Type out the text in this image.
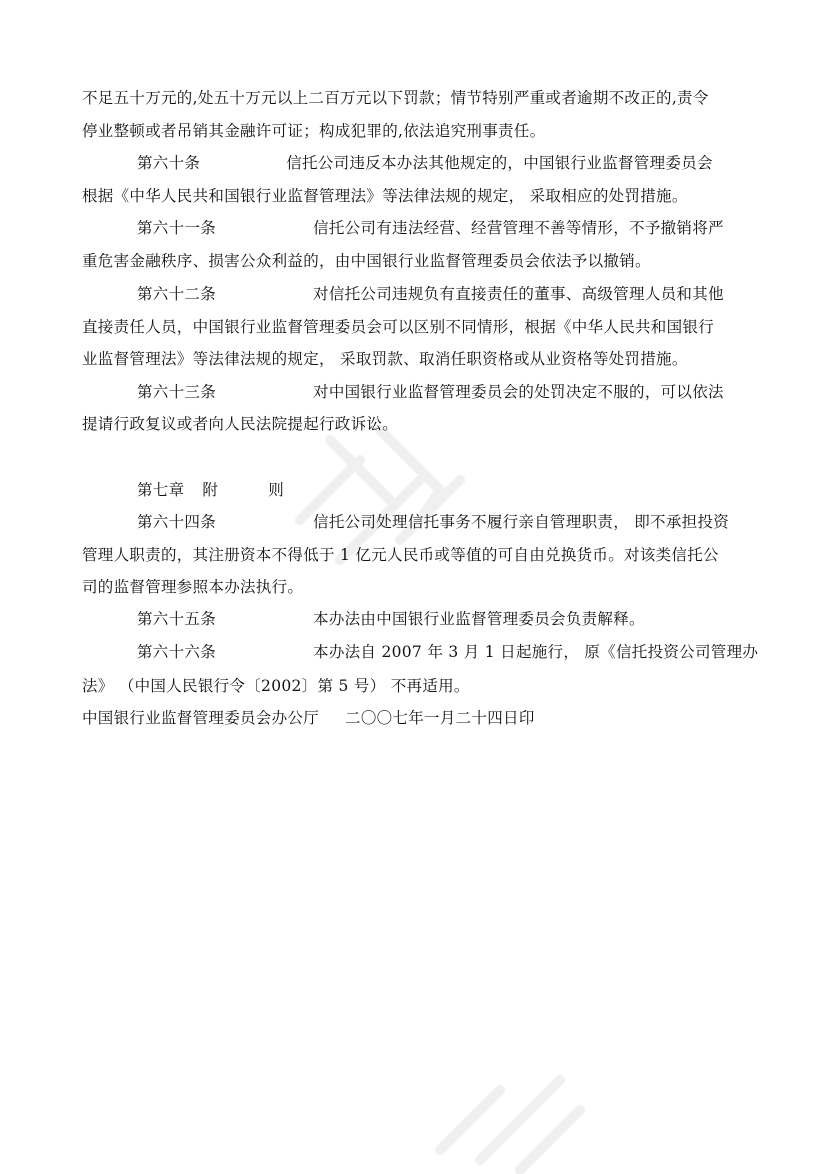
不足五十万元的,处五十万元以上二百万元以下罚款；情节特别严重或者逾期不改正的,责令
停业整顿或者吊销其金融许可证；构成犯罪的,依法追究刑事责任。
第六十条	信托公司违反本办法其他规定的，中国银行业监督管理委员会
根据《中华人民共和国银行业监督管理法》等法律法规的规定， 采取相应的处罚措施。
第六十一条	信托公司有违法经营、经营管理不善等情形，不予撤销将严
重危害金融秩序、损害公众利益的，由中国银行业监督管理委员会依法予以撤销。
第六十二条	对信托公司违规负有直接责任的董事、高级管理人员和其他
直接责任人员，中国银行业监督管理委员会可以区别不同情形，根据《中华人民共和国银行
业监督管理法》等法律法规的规定， 采取罚款、取消任职资格或从业资格等处罚措施。
第六十三条	对中国银行业监督管理委员会的处罚决定不服的，可以依法
提请行政复议或者向人民法院提起行政诉讼。
第七章 附	则
第六十四条	信托公司处理信托事务不履行亲自管理职责， 即不承担投资
管理人职责的，其注册资本不得低于 1 亿元人民币或等值的可自由兑换货币。对该类信托公
司的监督管理参照本办法执行。
第六十五条	本办法由中国银行业监督管理委员会负责解释。
第六十六条	本办法自 2007 年 3 月 1 日起施行， 原《信托投资公司管理办
法》 （中国人民银行令〔2002〕第 5 号） 不再适用。
中国银行业监督管理委员会办公厅 二〇〇七年一月二十四日印
